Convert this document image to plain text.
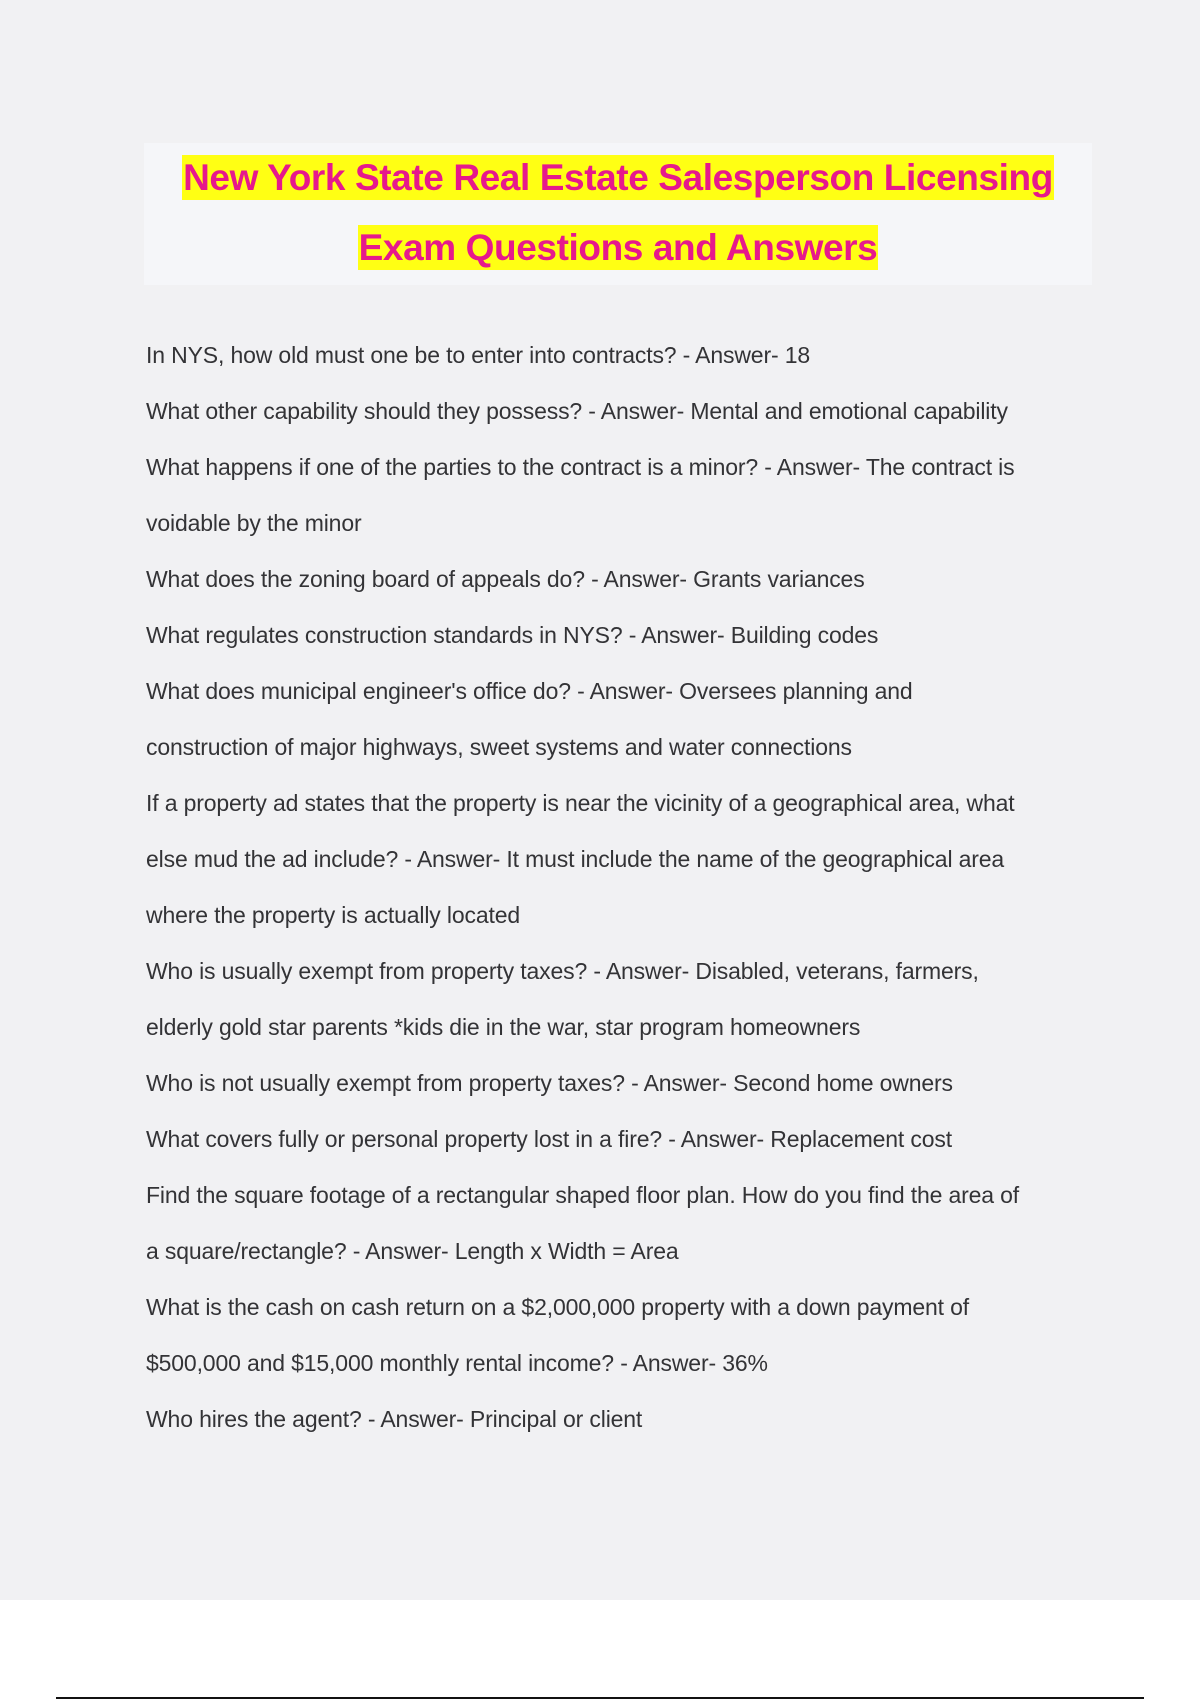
New York State Real Estate Salesperson Licensing
Exam Questions and Answers
In NYS, how old must one be to enter into contracts? - Answer- 18
What other capability should they possess? - Answer- Mental and emotional capability
What happens if one of the parties to the contract is a minor? - Answer- The contract is
voidable by the minor
What does the zoning board of appeals do? - Answer- Grants variances
What regulates construction standards in NYS? - Answer- Building codes
What does municipal engineer's office do? - Answer- Oversees planning and
construction of major highways, sweet systems and water connections
If a property ad states that the property is near the vicinity of a geographical area, what
else mud the ad include? - Answer- It must include the name of the geographical area
where the property is actually located
Who is usually exempt from property taxes? - Answer- Disabled, veterans, farmers,
elderly gold star parents *kids die in the war, star program homeowners
Who is not usually exempt from property taxes? - Answer- Second home owners
What covers fully or personal property lost in a fire? - Answer- Replacement cost
Find the square footage of a rectangular shaped floor plan. How do you find the area of
a square/rectangle? - Answer- Length x Width = Area
What is the cash on cash return on a $2,000,000 property with a down payment of
$500,000 and $15,000 monthly rental income? - Answer- 36%
Who hires the agent? - Answer- Principal or client
